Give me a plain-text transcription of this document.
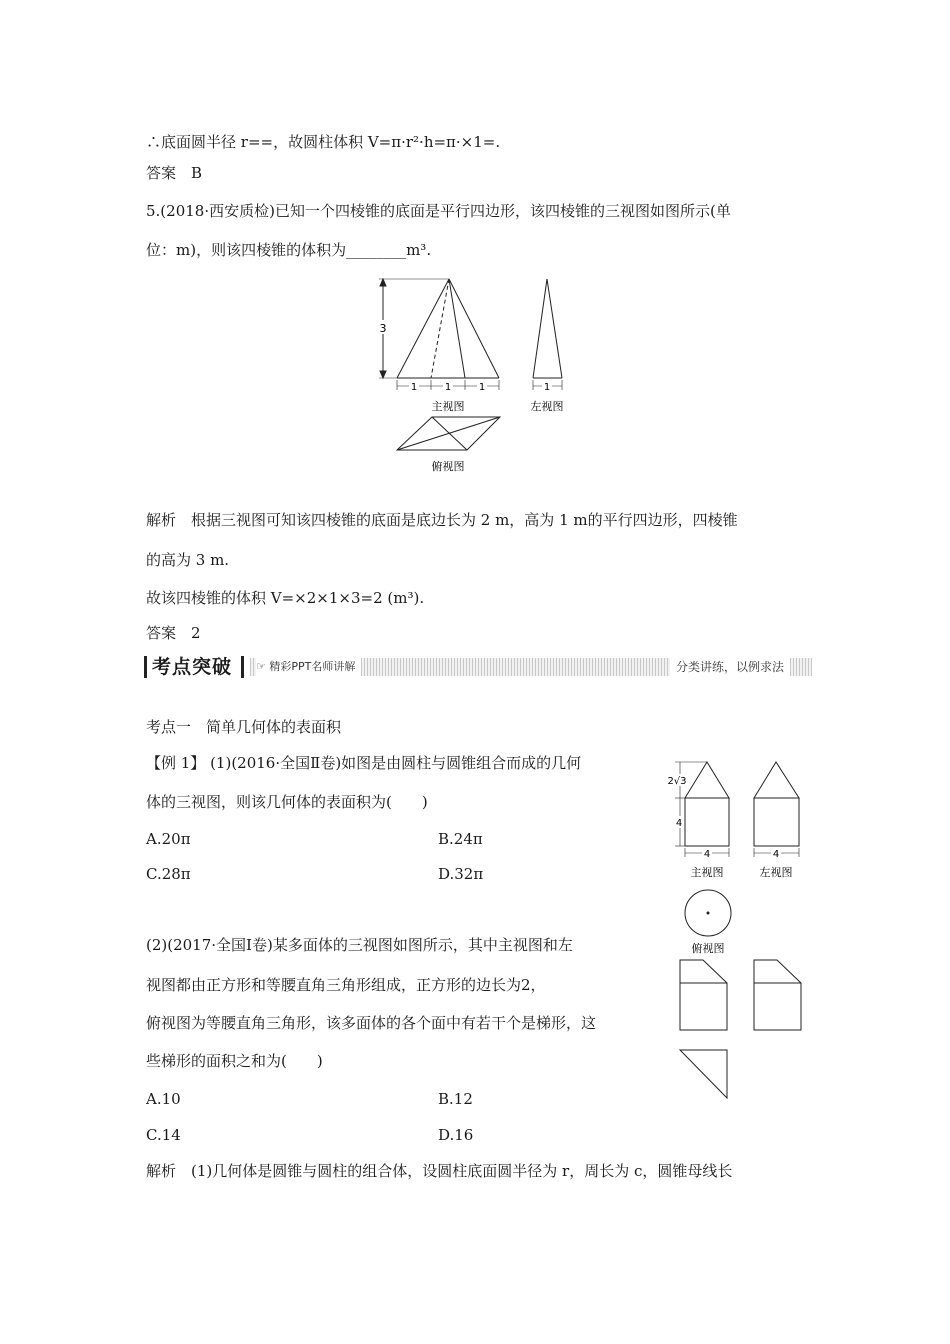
∴底面圆半径 r==，故圆柱体积 V=π·r²·h=π·×1=.
答案　B
5.(2018·西安质检)已知一个四棱锥的底面是平行四边形，该四棱锥的三视图如图所示(单
位：m)，则该四棱锥的体积为________m³.
3
1	1	1	1
主视图	左视图
俯视图
解析　根据三视图可知该四棱锥的底面是底边长为 2 m，高为 1 m的平行四边形，四棱锥
的高为 3 m.
故该四棱锥的体积 V=×2×1×3=2 (m³).
答案　2
考点突破 ☞ 精彩PPT名师讲解	分类讲练，以例求法
考点一　简单几何体的表面积
【例 1】 (1)(2016·全国Ⅱ卷)如图是由圆柱与圆锥组合而成的几何
体的三视图，则该几何体的表面积为(　　)
A.20π	B.24π
C.28π	D.32π
2√3
4
4	4
主视图	左视图
俯视图
(2)(2017·全国Ⅰ卷)某多面体的三视图如图所示，其中主视图和左
视图都由正方形和等腰直角三角形组成，正方形的边长为2，
俯视图为等腰直角三角形，该多面体的各个面中有若干个是梯形，这
些梯形的面积之和为(　　)
A.10	B.12
C.14	D.16
解析　(1)几何体是圆锥与圆柱的组合体，设圆柱底面圆半径为 r，周长为 c，圆锥母线长
